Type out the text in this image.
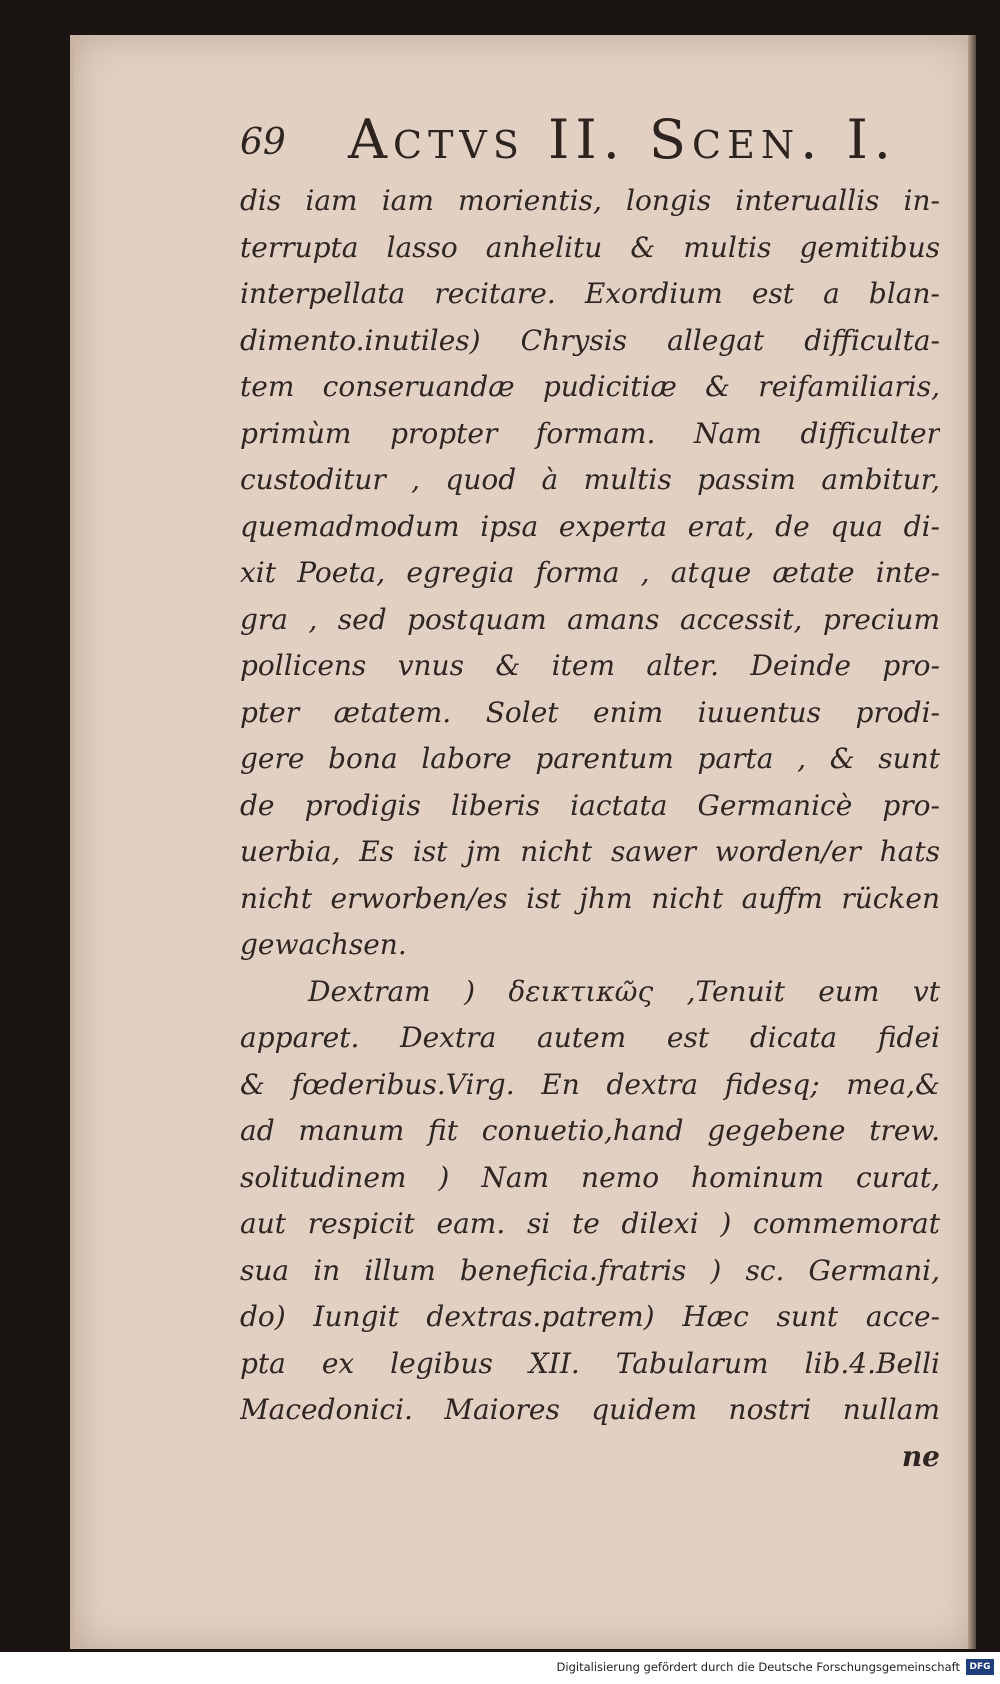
69 Actvs II. Scen. I.
dis iam iam morientis, longis interuallis in-
terrupta lasso anhelitu & multis gemitibus
interpellata recitare. Exordium est a blan-
dimento.inutiles) Chrysis allegat difficulta-
tem conseruandæ pudicitiæ & reifamiliaris,
primùm propter formam. Nam difficulter
custoditur , quod à multis passim ambitur,
quemadmodum ipsa experta erat, de qua di-
xit Poeta, egregia forma , atque ætate inte-
gra , sed postquam amans accessit, precium
pollicens vnus & item alter. Deinde pro-
pter ætatem. Solet enim iuuentus prodi-
gere bona labore parentum parta , & sunt
de prodigis liberis iactata Germanicè pro-
uerbia, Es ist jm nicht sawer worden/er hats
nicht erworben/es ist jhm nicht auffm rücken
gewachsen.
Dextram ) δεικτικῶς ,Tenuit eum vt
apparet. Dextra autem est dicata fidei
& fœderibus.Virg. En dextra fidesq; mea,&
ad manum fit conuetio,hand gegebene trew.
solitudinem ) Nam nemo hominum curat,
aut respicit eam. si te dilexi ) commemorat
sua in illum beneficia.fratris ) sc. Germani,
do) Iungit dextras.patrem) Hæc sunt acce-
pta ex legibus XII. Tabularum lib.4.Belli
Macedonici. Maiores quidem nostri nullam
ne
Digitalisierung gefördert durch die Deutsche Forschungsgemeinschaft	DFG
